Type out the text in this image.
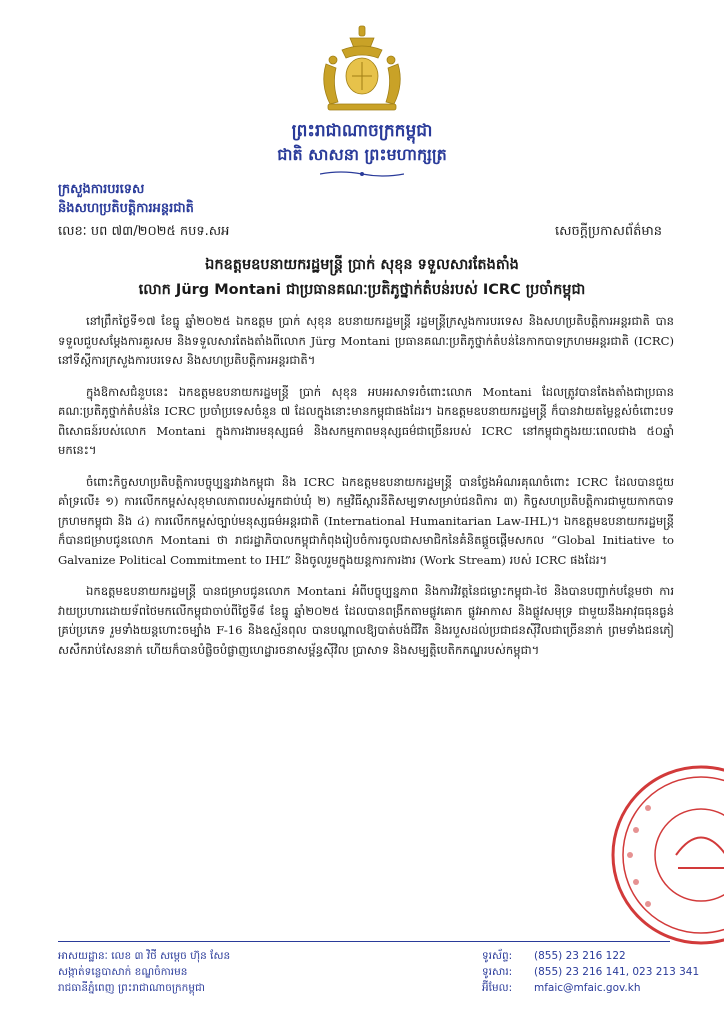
ព្រះរាជាណាចក្រកម្ពុជា
ជាតិ សាសនា ព្រះមហាក្សត្រ
ក្រសួងការបរទេស
និងសហប្រតិបត្តិការអន្តរជាតិ
លេខៈ បព ៧៣/២០២៥ កបទ.សអ	សេចក្តីប្រកាសព័ត៌មាន
ឯកឧត្តមឧបនាយករដ្ឋមន្ត្រី ប្រាក់ សុខុន ទទួលសារតែងតាំង
លោក Jürg Montani ជាប្រធានគណៈប្រតិភូថ្នាក់តំបន់របស់ ICRC ប្រចាំកម្ពុជា

នៅព្រឹកថ្ងៃទី១៧ ខែធ្នូ ឆ្នាំ២០២៥ ឯកឧត្តម ប្រាក់ សុខុន ឧបនាយករដ្ឋមន្ត្រី រដ្ឋមន្ត្រីក្រសួងការបរទេស និងសហប្រតិបត្តិការអន្តរជាតិ បានទទួលជួបសម្តែងការគួរសម និងទទួលសារតែងតាំងពីលោក Jürg Montani ប្រធានគណៈប្រតិភូថ្នាក់តំបន់នៃកាកបាទក្រហមអន្តរជាតិ (ICRC) នៅទីស្តីការក្រសួងការបរទេស និងសហប្រតិបត្តិការអន្តរជាតិ។

ក្នុងឱកាសជំនួបនេះ ឯកឧត្តមឧបនាយករដ្ឋមន្ត្រី ប្រាក់ សុខុន អបអរសាទរចំពោះលោក Montani ដែលត្រូវបានតែងតាំងជាប្រធានគណៈប្រតិភូថ្នាក់តំបន់នៃ ICRC ប្រចាំប្រទេសចំនួន ៧ ដែលក្នុងនោះមានកម្ពុជាផងដែរ។ ឯកឧត្តមឧបនាយករដ្ឋមន្ត្រី ក៏បានវាយតម្លៃខ្ពស់ចំពោះបទពិសោធន៍របស់លោក Montani ក្នុងការងារមនុស្សធម៌ និងសកម្មភាពមនុស្សធម៌ជាច្រើនរបស់ ICRC នៅកម្ពុជាក្នុងរយៈពេលជាង ៥០ឆ្នាំមកនេះ។

ចំពោះកិច្ចសហប្រតិបត្តិការបច្ចុប្បន្នរវាងកម្ពុជា និង ICRC ឯកឧត្តមឧបនាយករដ្ឋមន្ត្រី បានថ្លែងអំណរគុណចំពោះ ICRC ដែលបានជួយគាំទ្រលើ៖ ១) ការលើកកម្ពស់សុខុមាលភាពរបស់អ្នកជាប់ឃុំ ២) កម្មវិធីស្តារនីតិសម្បទាសម្រាប់ជនពិការ ៣) កិច្ចសហប្រតិបត្តិការជាមួយកាកបាទក្រហមកម្ពុជា និង ៤) ការលើកកម្ពស់ច្បាប់មនុស្សធម៌អន្តរជាតិ (International Humanitarian Law-IHL)។ ឯកឧត្តមឧបនាយករដ្ឋមន្ត្រី ក៏បានជម្រាបជូនលោក Montani ថា រាជរដ្ឋាភិបាលកម្ពុជាកំពុងរៀបចំការចូលជាសមាជិកនៃគំនិតផ្តួចផ្តើមសកល “Global Initiative to Galvanize Political Commitment to IHL” និងចូលរួមក្នុងយន្តការការងារ (Work Stream) របស់ ICRC ផងដែរ។

ឯកឧត្តមឧបនាយករដ្ឋមន្ត្រី បានជម្រាបជូនលោក Montani អំពីបច្ចុប្បន្នភាព និងការវិវត្តនៃជម្លោះកម្ពុជា-ថៃ និងបានបញ្ជាក់បន្ថែមថា ការវាយប្រហារដោយទ័ពថៃមកលើកម្ពុជាចាប់ពីថ្ងៃទី៨ ខែធ្នូ ឆ្នាំ២០២៥ ដែលបានពង្រីកតាមផ្លូវគោក ផ្លូវអាកាស និងផ្លូវសមុទ្រ ជាមួយនឹងអាវុធធុនធ្ងន់គ្រប់ប្រភេទ រួមទាំងយន្តហោះចម្បាំង F-16 និងឧស្ម័នពុល បានបណ្តាលឱ្យបាត់បង់ជីវិត និងរបួសដល់ប្រជាជនស៊ីវិលជាច្រើននាក់ ព្រមទាំងជនភៀសសឹករាប់សែននាក់ ហើយក៏បានបំផ្លិចបំផ្លាញហេដ្ឋារចនាសម្ព័ន្ធស៊ីវិល ប្រាសាទ និងសម្បត្តិបេតិកភណ្ឌរបស់កម្ពុជា។

អាសយដ្ឋានៈ លេខ ៣ វិថី សម្តេច ហ៊ុន សែន
សង្កាត់ទន្លេបាសាក់ ខណ្ឌចំការមន
រាជធានីភ្នំពេញ ព្រះរាជាណាចក្រកម្ពុជា
ទូរស័ព្ទ: (855) 23 216 122
ទូរសារ: (855) 23 216 141, 023 213 341
អ៊ីមែល: mfaic@mfaic.gov.kh
